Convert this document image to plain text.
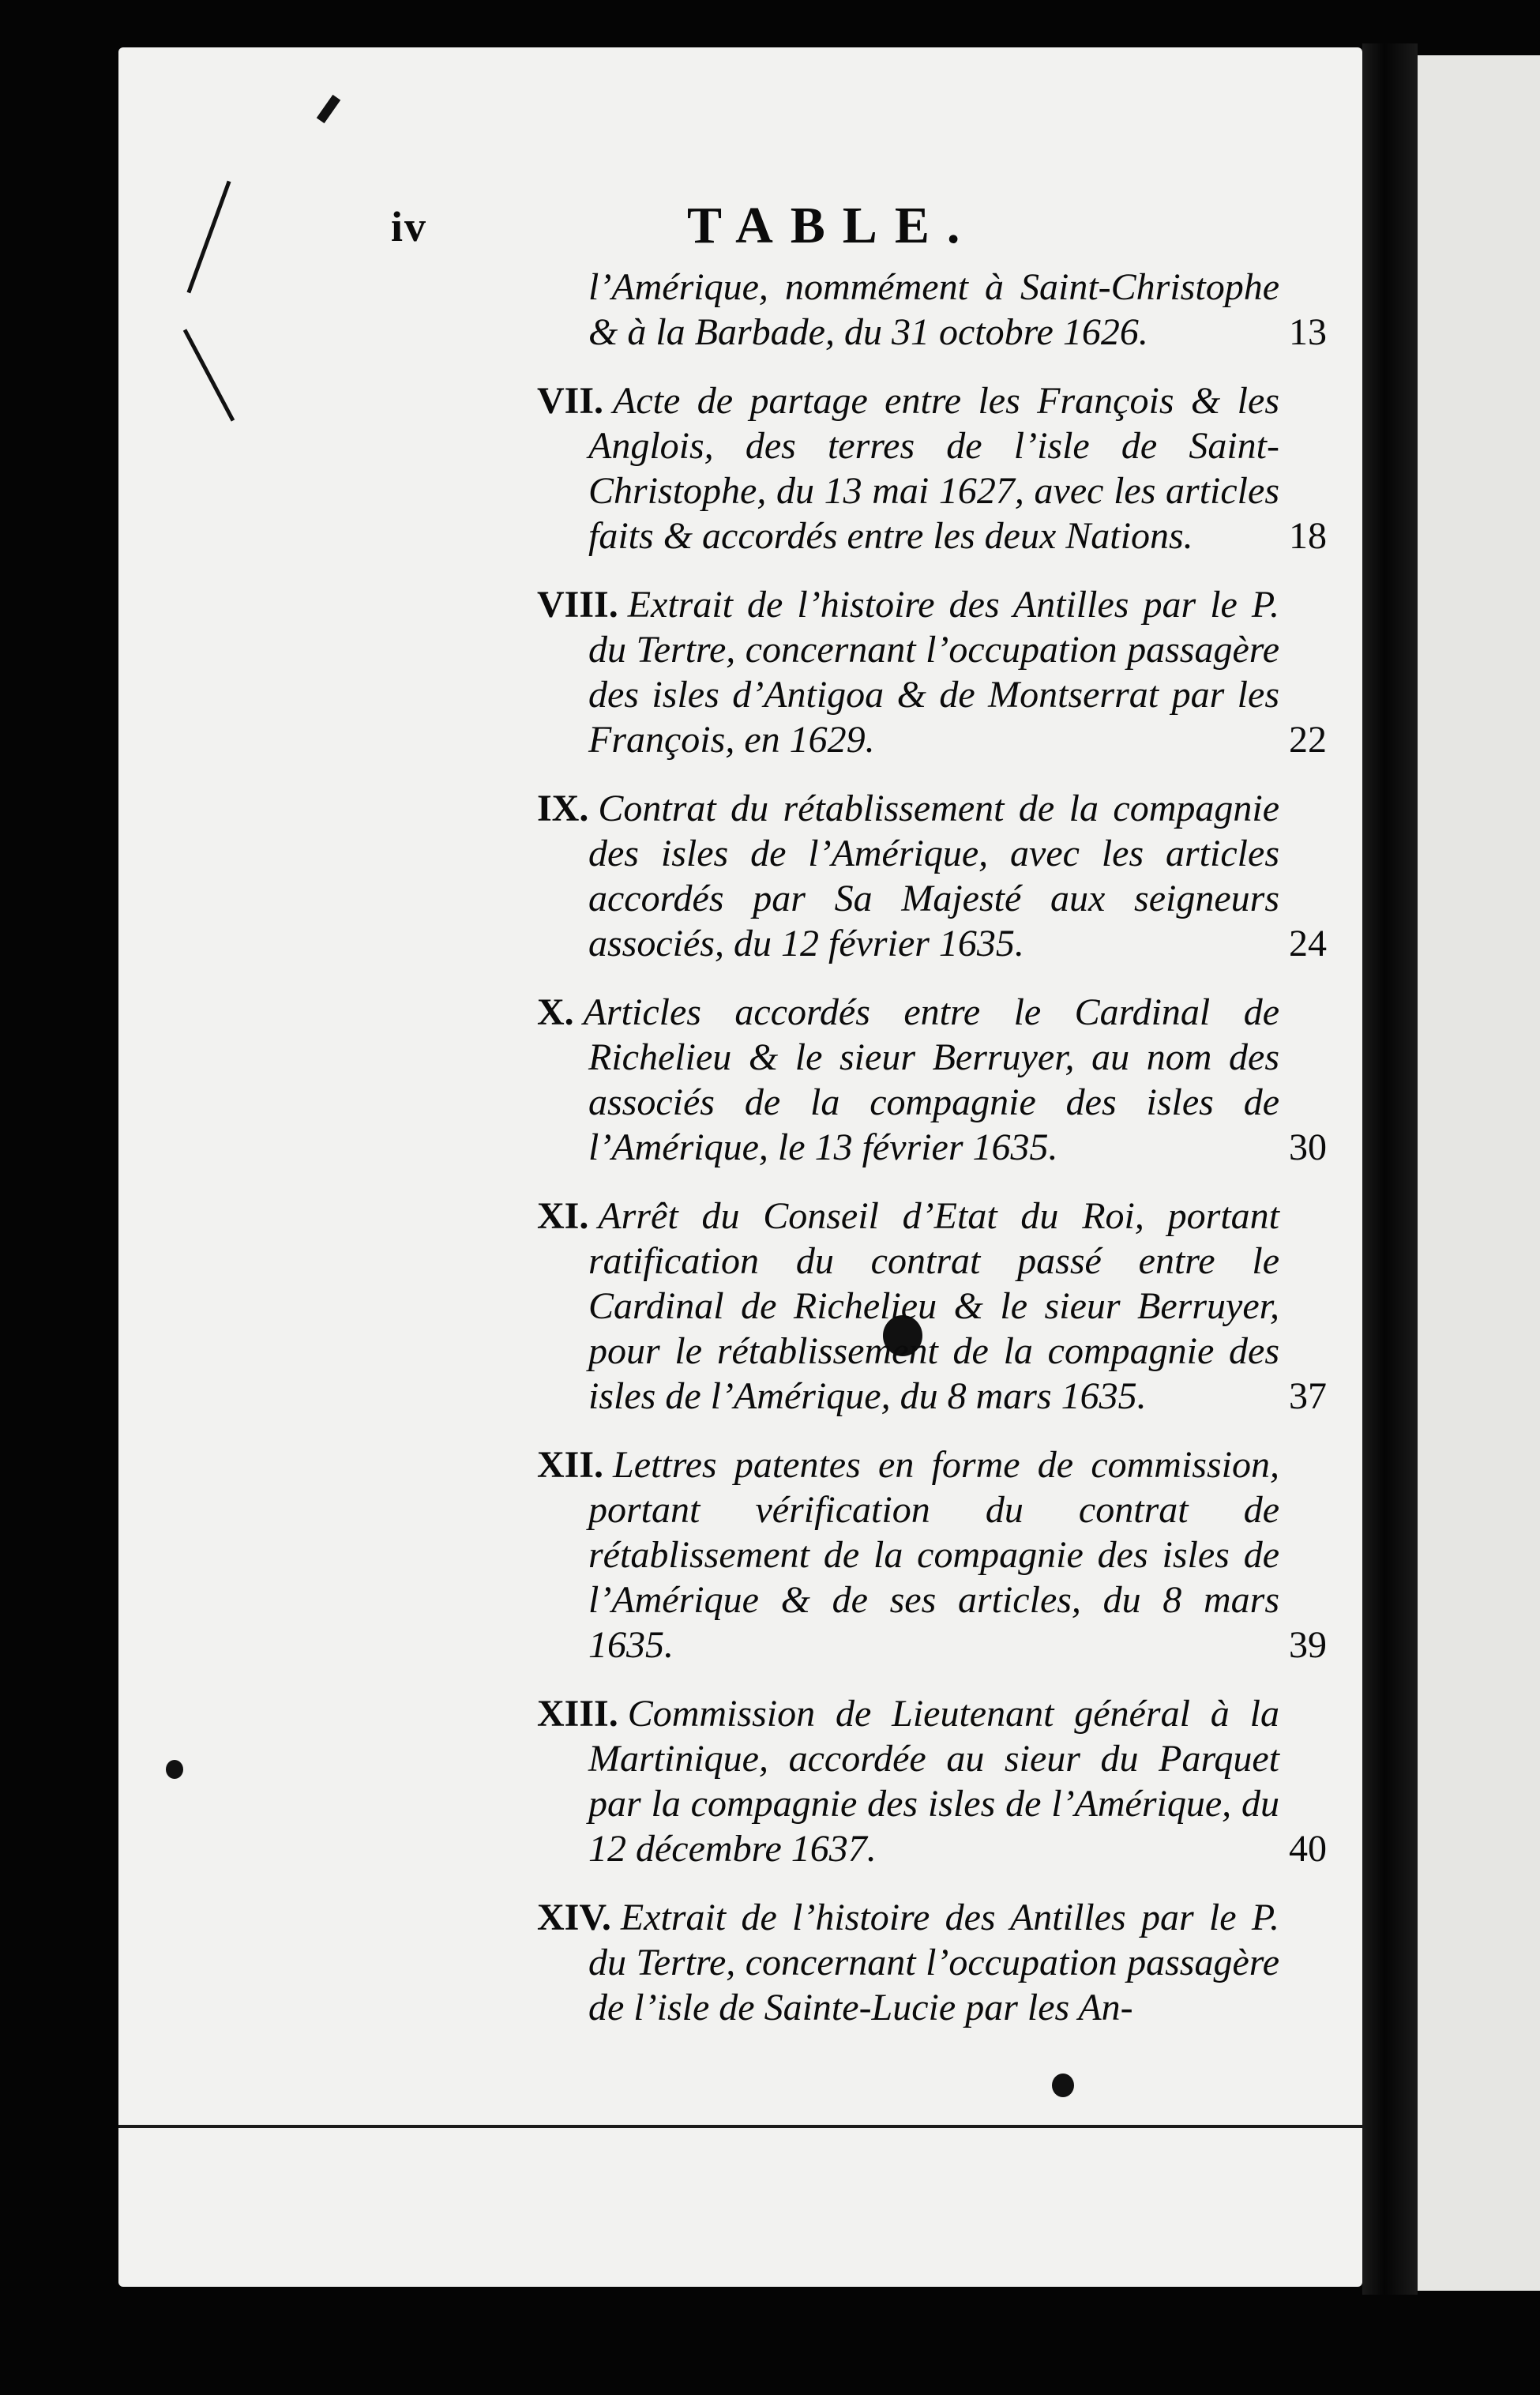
iv	TABLE.
l’Amérique, nommément à Saint-Christophe & à la Barbade, du 31 octobre 1626.	13
VII. Acte de partage entre les François & les Anglois, des terres de l’isle de Saint-Christophe, du 13 mai 1627, avec les articles faits & accordés entre les deux Nations.	18
VIII. Extrait de l’histoire des Antilles par le P. du Tertre, concernant l’occupation passagère des isles d’Antigoa & de Montserrat par les François, en 1629.	22
IX. Contrat du rétablissement de la compagnie des isles de l’Amérique, avec les articles accordés par Sa Majesté aux seigneurs associés, du 12 février 1635.	24
X. Articles accordés entre le Cardinal de Richelieu & le sieur Berruyer, au nom des associés de la compagnie des isles de l’Amérique, le 13 février 1635.	30
XI. Arrêt du Conseil d’Etat du Roi, portant ratification du contrat passé entre le Cardinal de Richelieu & le sieur Berruyer, pour le rétablissement de la compagnie des isles de l’Amérique, du 8 mars 1635.	37
XII. Lettres patentes en forme de commission, portant vérification du contrat de rétablissement de la compagnie des isles de l’Amérique & de ses articles, du 8 mars 1635.	39
XIII. Commission de Lieutenant général à la Martinique, accordée au sieur du Parquet par la compagnie des isles de l’Amérique, du 12 décembre 1637.	40
XIV. Extrait de l’histoire des Antilles par le P. du Tertre, concernant l’occupation passagère de l’isle de Sainte-Lucie par les An-
